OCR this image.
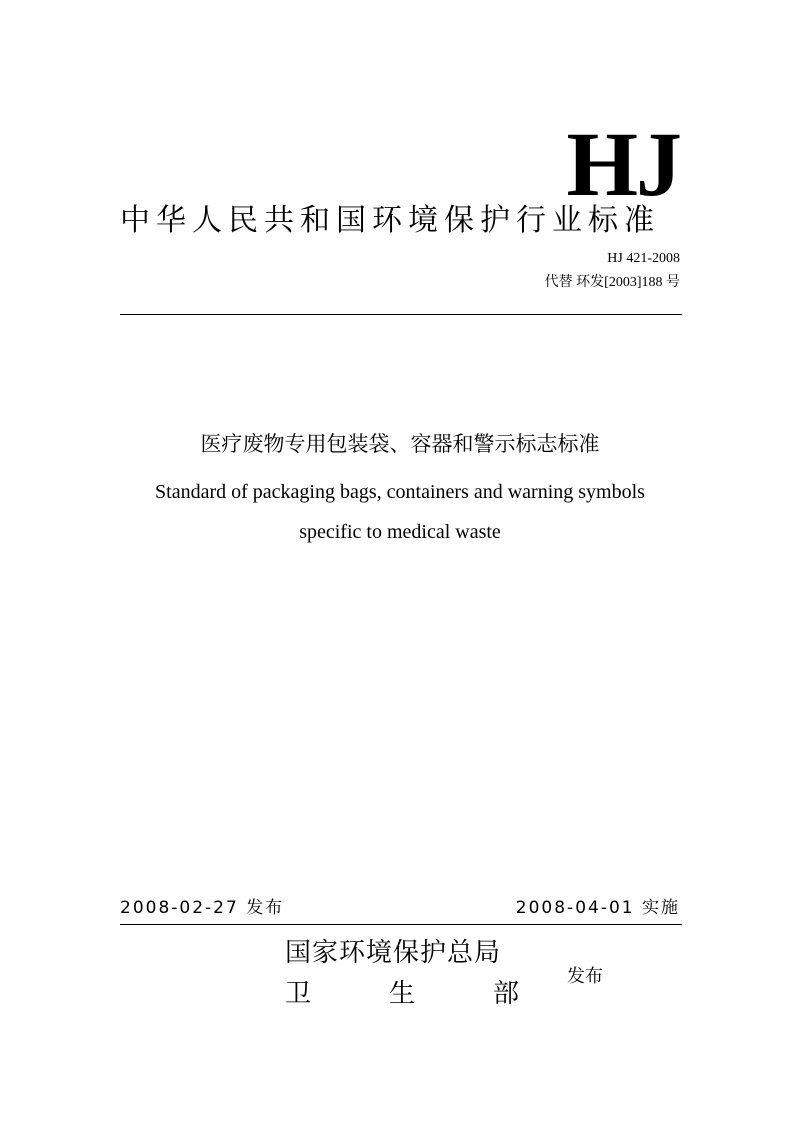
HJ
中华人民共和国环境保护行业标准
HJ 421-2008
代替 环发[2003]188 号
医疗废物专用包装袋、容器和警示标志标准
Standard of packaging bags, containers and warning symbols
specific to medical waste
2008-02-27 发布	2008-04-01 实施
国家环境保护总局
卫	生	部
发布
